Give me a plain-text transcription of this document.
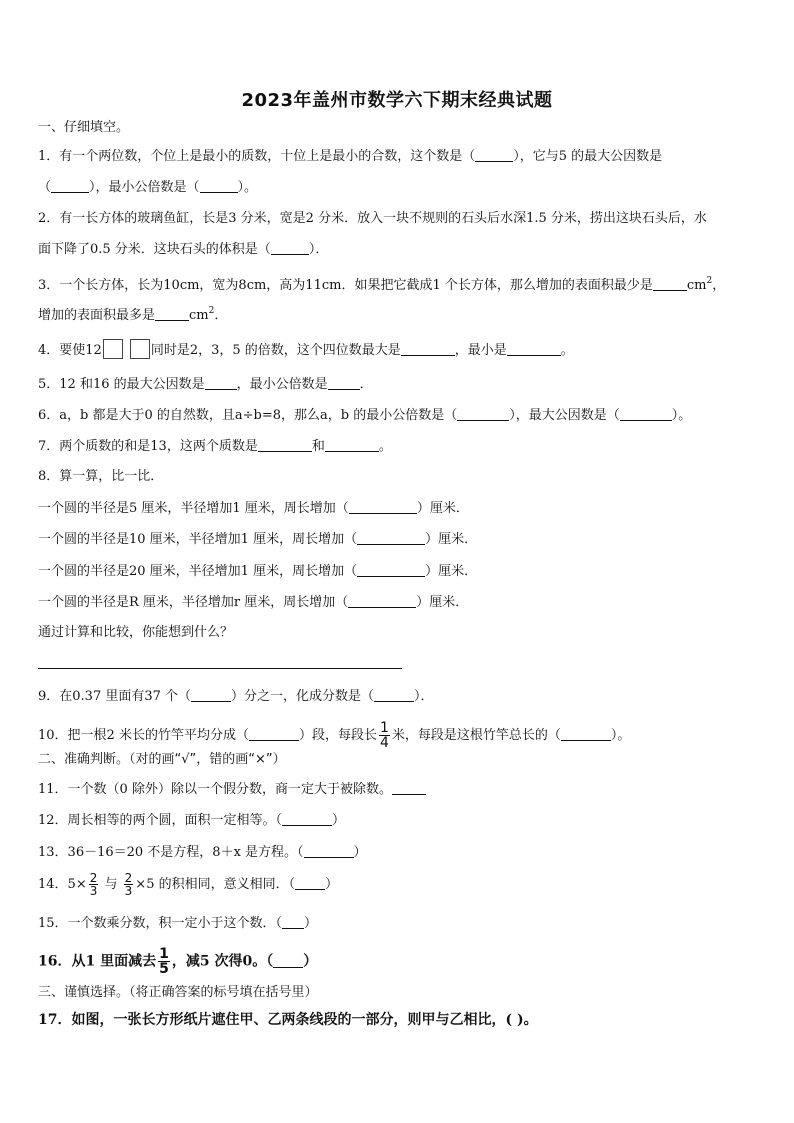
2023年盖州市数学六下期末经典试题
一、仔细填空。
1．有一个两位数，个位上是最小的质数，十位上是最小的合数，这个数是（	），它与5 的最大公因数是
（	），最小公倍数是（	）。
2．有一长方体的玻璃鱼缸，长是3 分米，宽是2 分米．放入一块不规则的石头后水深1.5 分米，捞出这块石头后，水
面下降了0.5 分米．这块石头的体积是（	）．
3．一个长方体，长为10cm，宽为8cm，高为11cm．如果把它截成1 个长方体，那么增加的表面积最少是	$cm^2$，
增加的表面积最多是	$cm^2$．
4．要使12	同时是2，3，5 的倍数，这个四位数最大是	，最小是	。
5．12 和16 的最大公因数是 ，最小公倍数是 ．
6．a，b 都是大于0 的自然数，且a÷b=8，那么a，b 的最小公倍数是（	），最大公因数是（	）。
7．两个质数的和是13，这两个质数是	和	。
8．算一算，比一比．
一个圆的半径是5 厘米，半径增加1 厘米，周长增加（	）厘米．
一个圆的半径是10 厘米，半径增加1 厘米，周长增加（	）厘米．
一个圆的半径是20 厘米，半径增加1 厘米，周长增加（	）厘米．
一个圆的半径是R 厘米，半径增加r 厘米，周长增加（	）厘米．
通过计算和比较，你能想到什么？
9．在0.37 里面有37 个（	）分之一，化成分数是（	）．
10．把一根2 米长的竹竿平均分成（	）段，每段长 $\frac{1}{4}$ 米，每段是这根竹竿总长的（	）。
二、准确判断。（对的画“√”，错的画“×”）
11．一个数（0 除外）除以一个假分数，商一定大于被除数。
12．周长相等的两个圆，面积一定相等。（	）
13．36－16＝20 不是方程，8＋x 是方程。（	）
14．$5\times \frac{2}{3}$ 与 $\frac{2}{3} \times 5$ 的积相同，意义相同．（ ）
15．一个数乘分数，积一定小于这个数．（ ）
16．从1 里面减去 $\frac{1}{5}$ ，减5 次得0。（ ）
三、谨慎选择。（将正确答案的标号填在括号里）
17．如图，一张长方形纸片遮住甲、乙两条线段的一部分，则甲与乙相比，( )。
